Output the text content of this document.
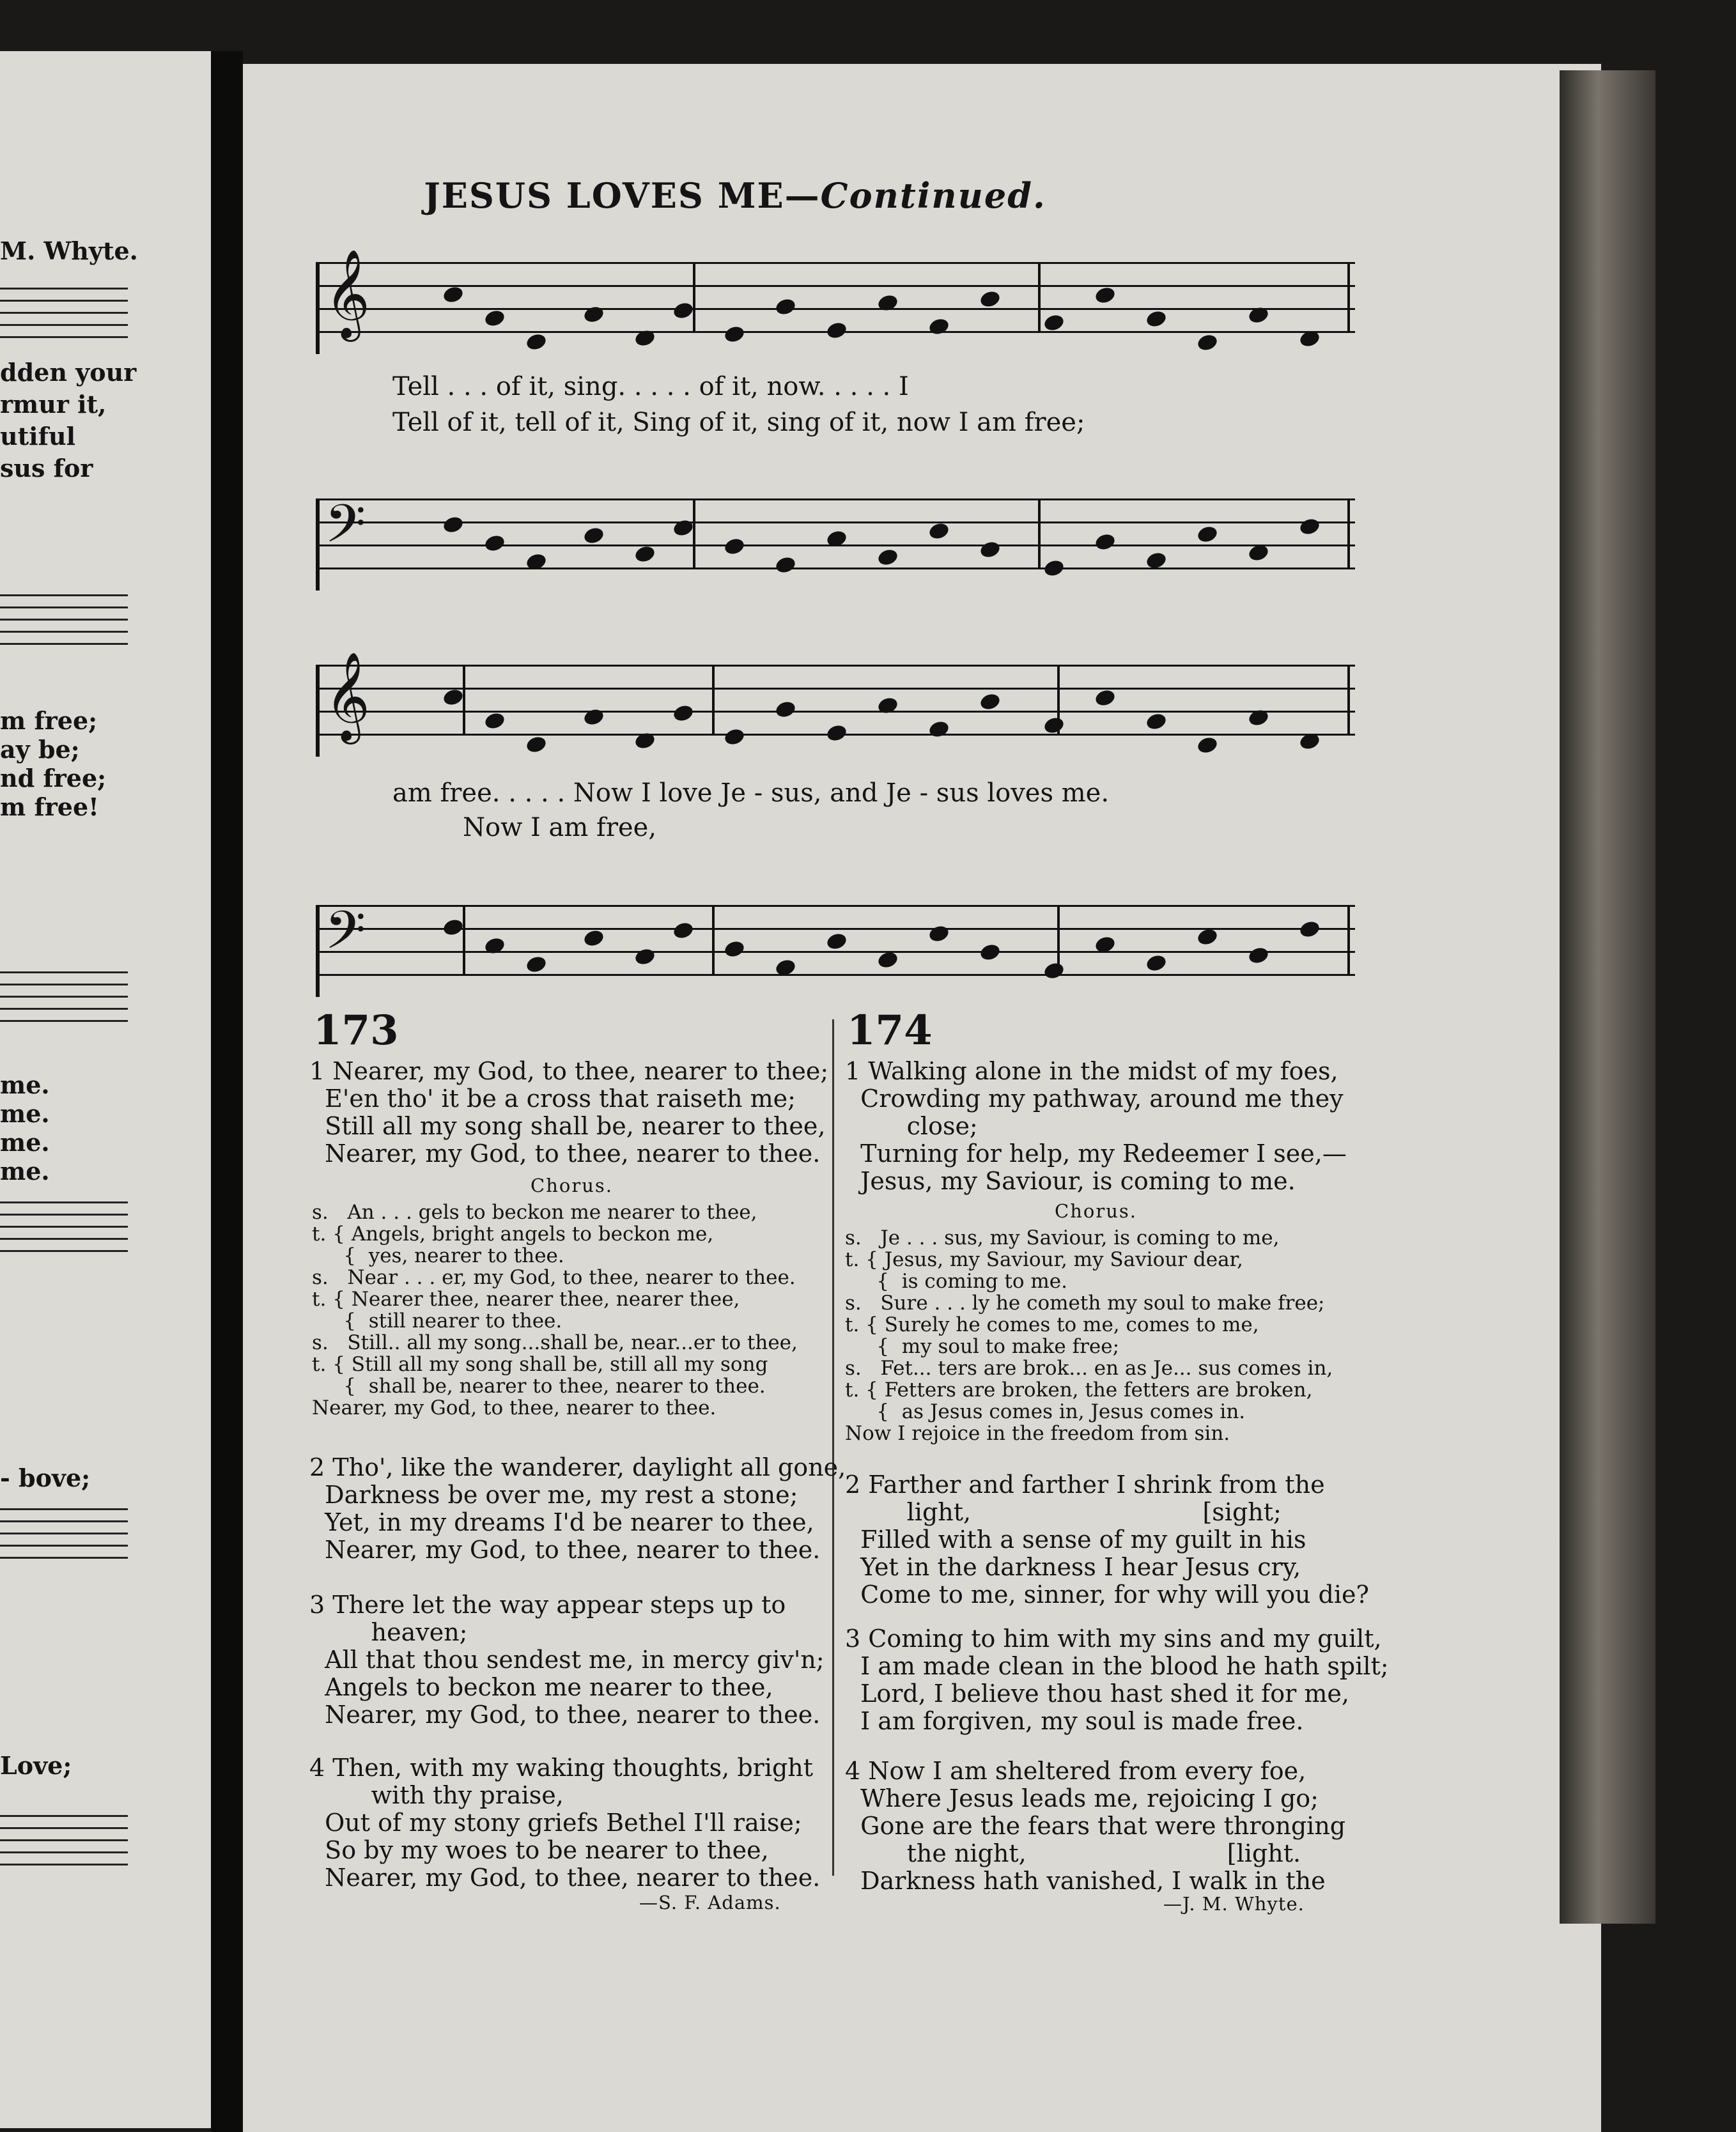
M. Whyte.
dden your
rmur it,
utiful
sus for
m free;
ay be;
nd free;
m free!
me.
me.
me.
me.
- bove;
Love;
JESUS LOVES ME—Continued.
𝄞
Tell . . . of it, sing. . . . . of it, now. . . . . I
Tell of it, tell of it, Sing of it, sing of it, now I am free;
𝄢
𝄞
am free. . . . . Now I love Je - sus, and Je - sus loves me.
Now I am free,
𝄢
173
1 Nearer, my God, to thee, nearer to thee;
E'en tho' it be a cross that raiseth me;
Still all my song shall be, nearer to thee,
Nearer, my God, to thee, nearer to thee.
Chorus.
s.   An . . . gels to beckon me nearer to thee,
t. { Angels, bright angels to beckon me,
{  yes, nearer to thee.
s.   Near . . . er, my God, to thee, nearer to thee.
t. { Nearer thee, nearer thee, nearer thee,
{  still nearer to thee.
s.   Still.. all my song...shall be, near...er to thee,
t. { Still all my song shall be, still all my song
{  shall be, nearer to thee, nearer to thee.
Nearer, my God, to thee, nearer to thee.
2 Tho', like the wanderer, daylight all gone,
Darkness be over me, my rest a stone;
Yet, in my dreams I'd be nearer to thee,
Nearer, my God, to thee, nearer to thee.
3 There let the way appear steps up to
heaven;
All that thou sendest me, in mercy giv'n;
Angels to beckon me nearer to thee,
Nearer, my God, to thee, nearer to thee.
4 Then, with my waking thoughts, bright
with thy praise,
Out of my stony griefs Bethel I'll raise;
So by my woes to be nearer to thee,
Nearer, my God, to thee, nearer to thee.
—S. F. Adams.
174
1 Walking alone in the midst of my foes,
Crowding my pathway, around me they
close;
Turning for help, my Redeemer I see,—
Jesus, my Saviour, is coming to me.
Chorus.
s.   Je . . . sus, my Saviour, is coming to me,
t. { Jesus, my Saviour, my Saviour dear,
{  is coming to me.
s.   Sure . . . ly he cometh my soul to make free;
t. { Surely he comes to me, comes to me,
{  my soul to make free;
s.   Fet... ters are brok... en as Je... sus comes in,
t. { Fetters are broken, the fetters are broken,
{  as Jesus comes in, Jesus comes in.
Now I rejoice in the freedom from sin.
2 Farther and farther I shrink from the
light,                              [sight;
Filled with a sense of my guilt in his
Yet in the darkness I hear Jesus cry,
Come to me, sinner, for why will you die?
3 Coming to him with my sins and my guilt,
I am made clean in the blood he hath spilt;
Lord, I believe thou hast shed it for me,
I am forgiven, my soul is made free.
4 Now I am sheltered from every foe,
Where Jesus leads me, rejoicing I go;
Gone are the fears that were thronging
the night,                          [light.
Darkness hath vanished, I walk in the
—J. M. Whyte.
